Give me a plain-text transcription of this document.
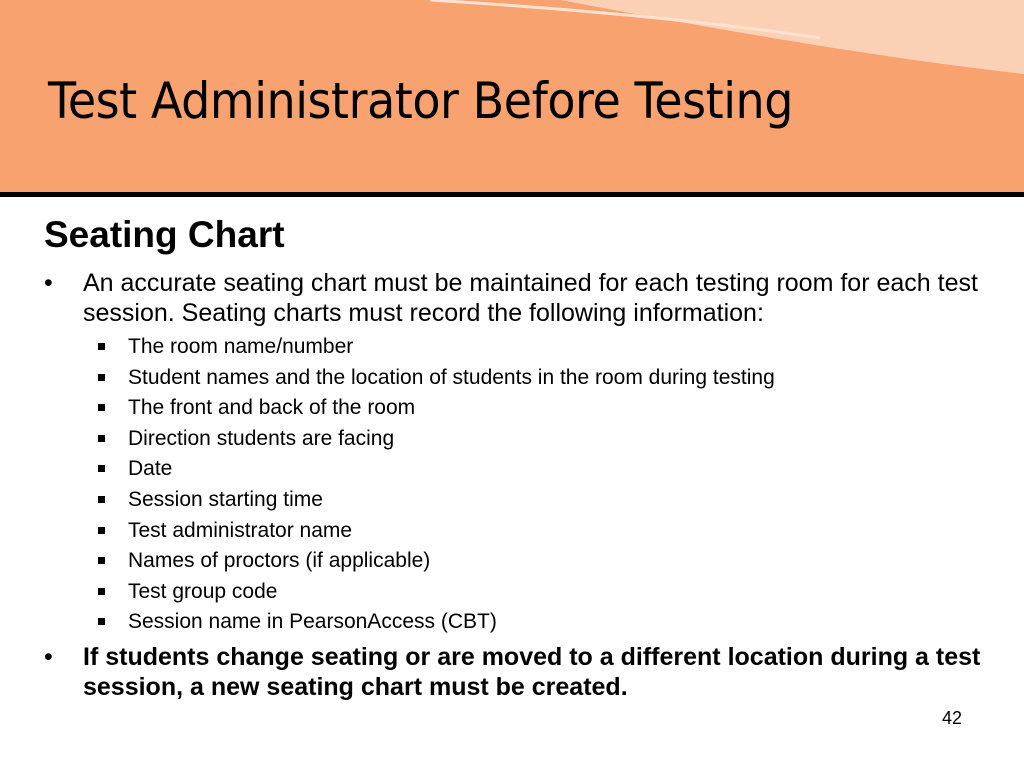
Test Administrator Before Testing
Seating Chart
•	An accurate seating chart must be maintained for each testing room for each test session. Seating charts must record the following information:
The room name/number
Student names and the location of students in the room during testing
The front and back of the room
Direction students are facing
Date
Session starting time
Test administrator name
Names of proctors (if applicable)
Test group code
Session name in PearsonAccess (CBT)
•	If students change seating or are moved to a different location during a test session, a new seating chart must be created.
42
